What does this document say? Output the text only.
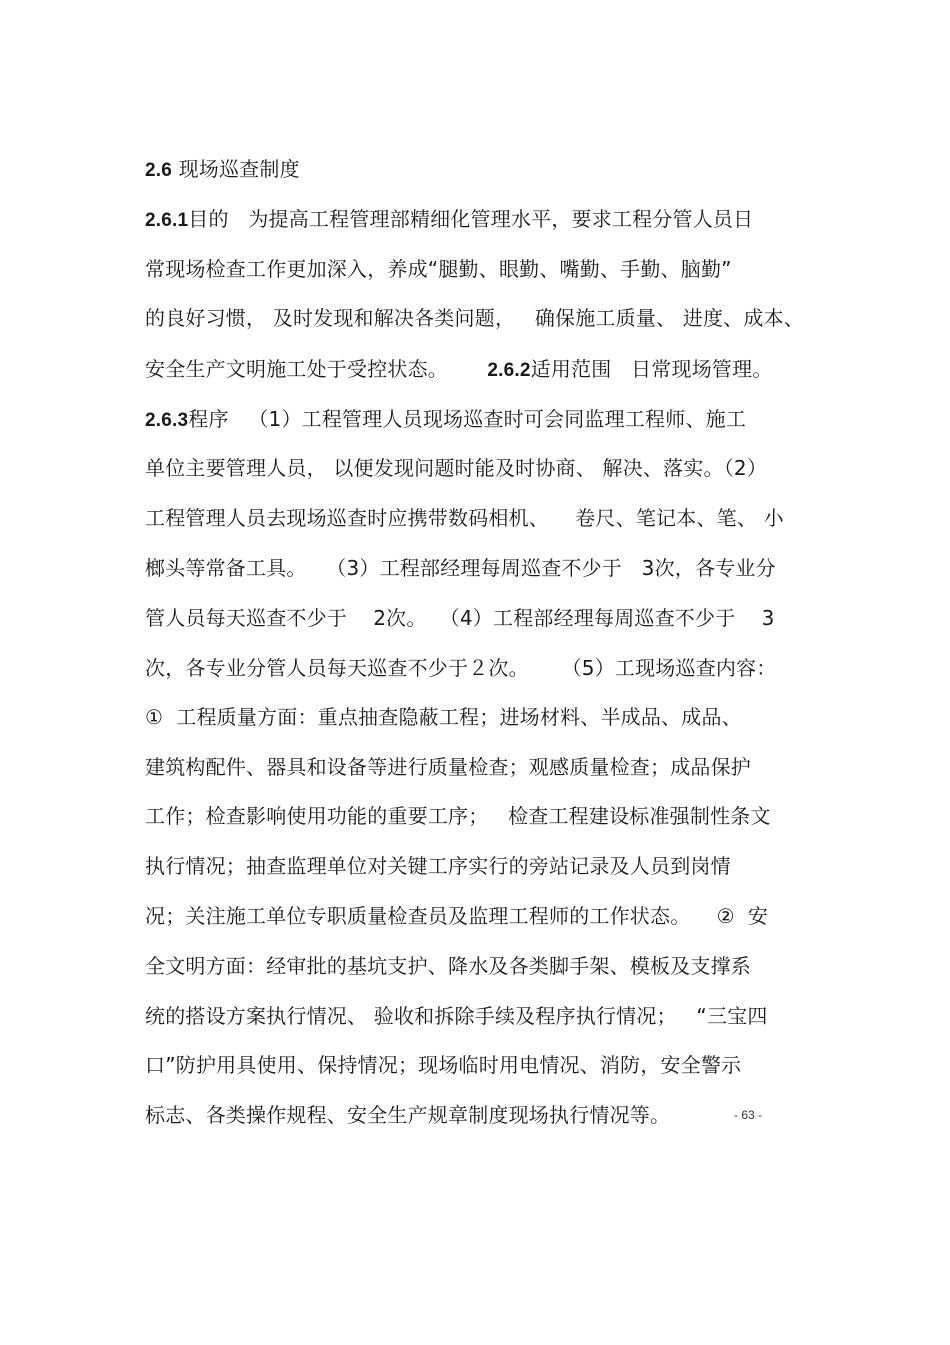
2.6 现场巡查制度
2.6.1目的   为提高工程管理部精细化管理水平，要求工程分管人员日
常现场检查工作更加深入，养成“腿勤、眼勤、嘴勤、手勤、脑勤”
的良好习惯， 及时发现和解决各类问题，   确保施工质量、 进度、成本、
安全生产文明施工处于受控状态。      2.6.2适用范围   日常现场管理。
2.6.3程序   （1）工程管理人员现场巡查时可会同监理工程师、施工
单位主要管理人员， 以便发现问题时能及时协商、 解决、落实。（2）
工程管理人员去现场巡查时应携带数码相机、    卷尺、笔记本、笔、 小
榔头等常备工具。   （3）工程部经理每周巡查不少于   3次，各专业分
管人员每天巡查不少于    2次。  （4）工程部经理每周巡查不少于    3
次，各专业分管人员每天巡查不少于２次。     （5）工现场巡查内容：
①  工程质量方面：重点抽查隐蔽工程；进场材料、半成品、成品、
建筑构配件、器具和设备等进行质量检查；观感质量检查；成品保护
工作；检查影响使用功能的重要工序；   检查工程建设标准强制性条文
执行情况；抽查监理单位对关键工序实行的旁站记录及人员到岗情
况；关注施工单位专职质量检查员及监理工程师的工作状态。    ②  安
全文明方面：经审批的基坑支护、降水及各类脚手架、模板及支撑系
统的搭设方案执行情况、 验收和拆除手续及程序执行情况；   “三宝四
口”防护用具使用、保持情况；现场临时用电情况、消防，安全警示
标志、各类操作规程、安全生产规章制度现场执行情况等。	- 63 -
